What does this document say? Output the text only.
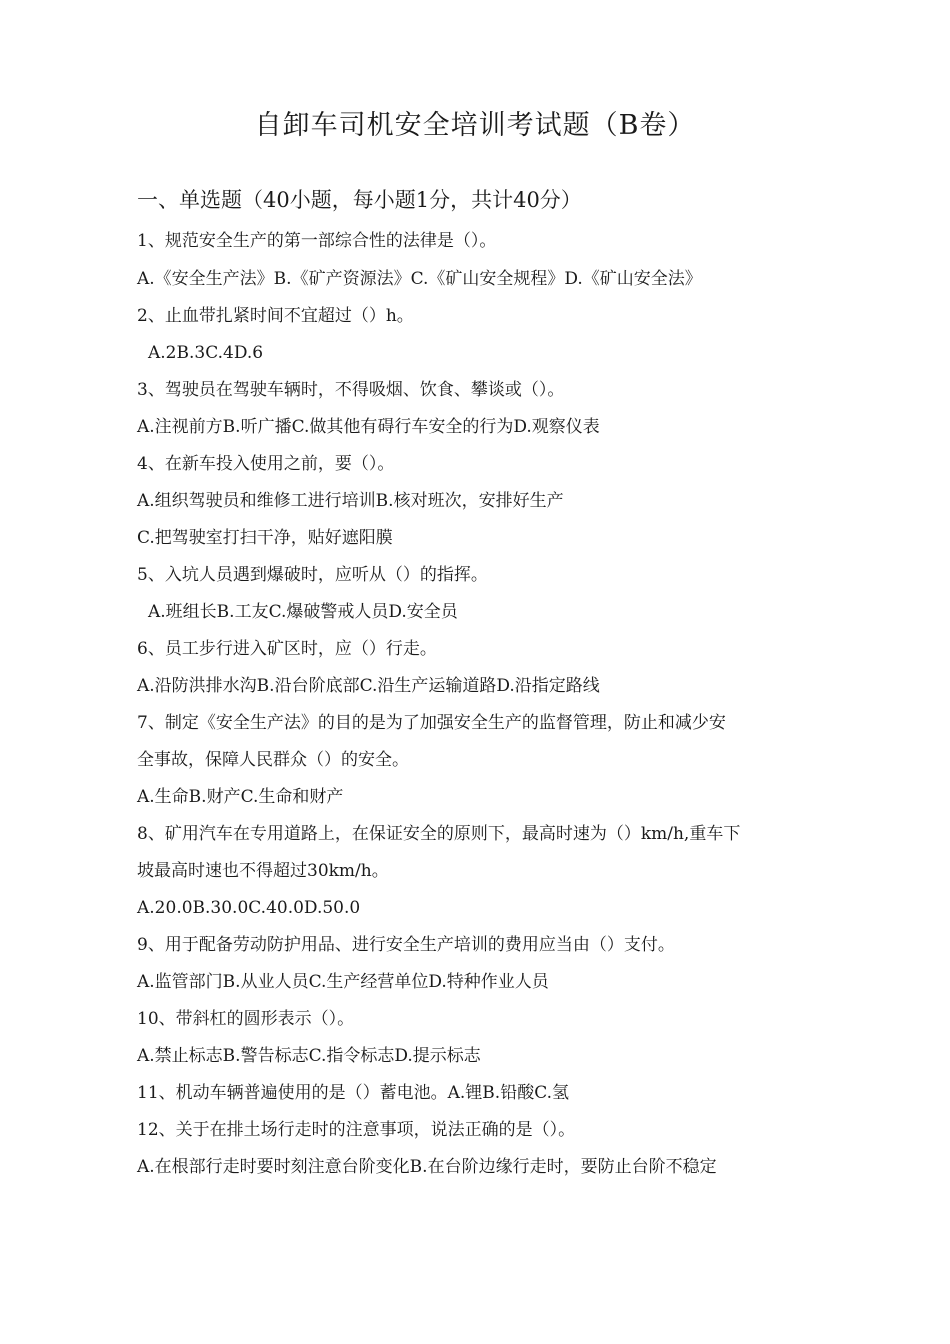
自卸车司机安全培训考试题（B卷）
一、单选题（40小题，每小题1分，共计40分）
1、规范安全生产的第一部综合性的法律是（）。
A.《安全生产法》B.《矿产资源法》C.《矿山安全规程》D.《矿山安全法》
2、止血带扎紧时间不宜超过（）h。
A.2B.3C.4D.6
3、驾驶员在驾驶车辆时，不得吸烟、饮食、攀谈或（）。
A.注视前方B.听广播C.做其他有碍行车安全的行为D.观察仪表
4、在新车投入使用之前，要（）。
A.组织驾驶员和维修工进行培训B.核对班次，安排好生产
C.把驾驶室打扫干净，贴好遮阳膜
5、入坑人员遇到爆破时，应听从（）的指挥。
A.班组长B.工友C.爆破警戒人员D.安全员
6、员工步行进入矿区时，应（）行走。
A.沿防洪排水沟B.沿台阶底部C.沿生产运输道路D.沿指定路线
7、制定《安全生产法》的目的是为了加强安全生产的监督管理，防止和减少安
全事故，保障人民群众（）的安全。
A.生命B.财产C.生命和财产
8、矿用汽车在专用道路上，在保证安全的原则下，最高时速为（）km/h,重车下
坡最高时速也不得超过30km/h。
A.20.0B.30.0C.40.0D.50.0
9、用于配备劳动防护用品、进行安全生产培训的费用应当由（）支付。
A.监管部门B.从业人员C.生产经营单位D.特种作业人员
10、带斜杠的圆形表示（）。
A.禁止标志B.警告标志C.指令标志D.提示标志
11、机动车辆普遍使用的是（）蓄电池。A.锂B.铅酸C.氢
12、关于在排土场行走时的注意事项，说法正确的是（）。
A.在根部行走时要时刻注意台阶变化B.在台阶边缘行走时，要防止台阶不稳定
